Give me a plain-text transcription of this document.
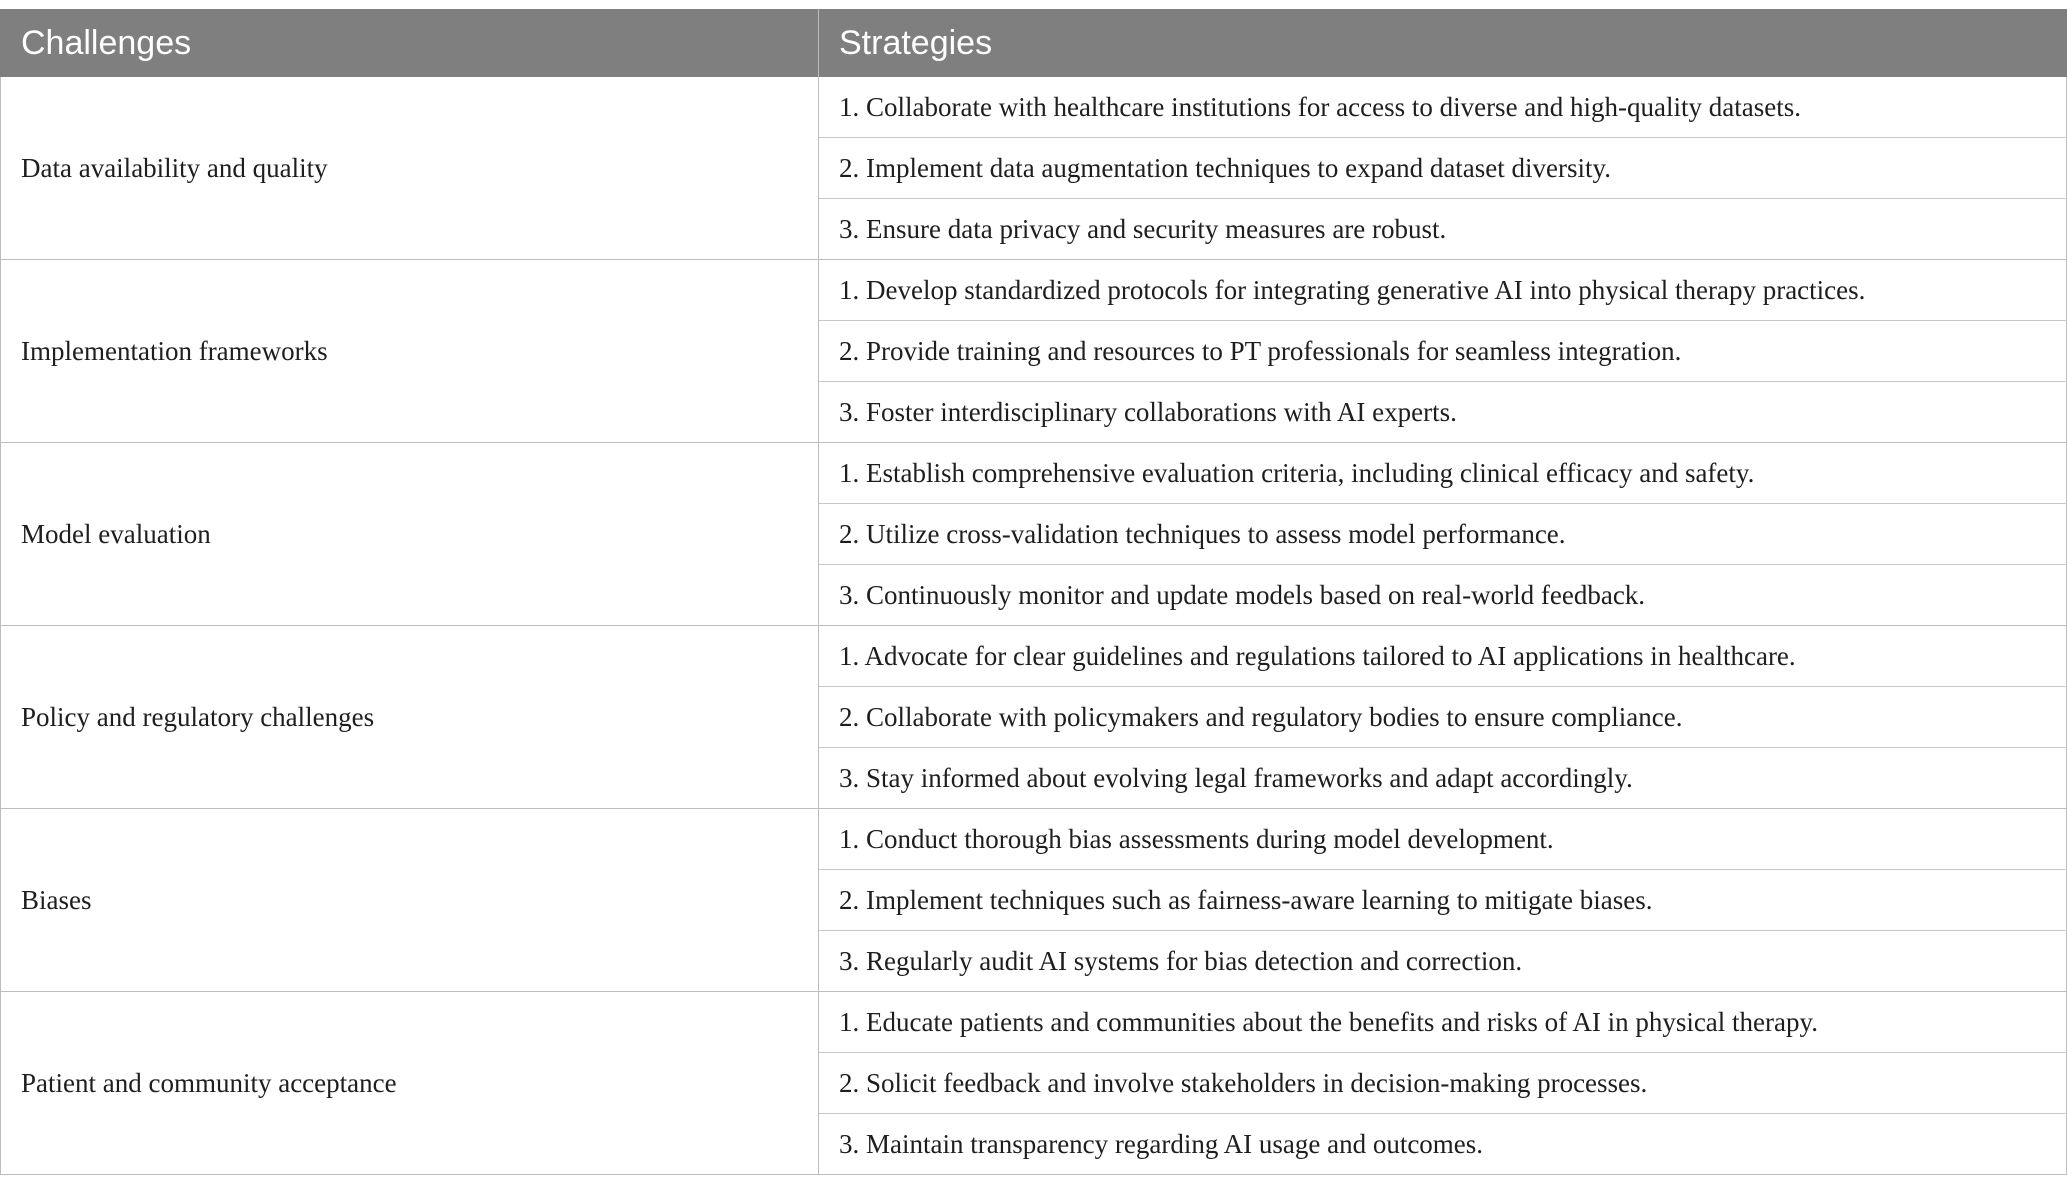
Challenges	Strategies
Data availability and quality	1. Collaborate with healthcare institutions for access to diverse and high-quality datasets.
	2. Implement data augmentation techniques to expand dataset diversity.
	3. Ensure data privacy and security measures are robust.
Implementation frameworks	1. Develop standardized protocols for integrating generative AI into physical therapy practices.
	2. Provide training and resources to PT professionals for seamless integration.
	3. Foster interdisciplinary collaborations with AI experts.
Model evaluation	1. Establish comprehensive evaluation criteria, including clinical efficacy and safety.
	2. Utilize cross-validation techniques to assess model performance.
	3. Continuously monitor and update models based on real-world feedback.
Policy and regulatory challenges	1. Advocate for clear guidelines and regulations tailored to AI applications in healthcare.
	2. Collaborate with policymakers and regulatory bodies to ensure compliance.
	3. Stay informed about evolving legal frameworks and adapt accordingly.
Biases	1. Conduct thorough bias assessments during model development.
	2. Implement techniques such as fairness-aware learning to mitigate biases.
	3. Regularly audit AI systems for bias detection and correction.
Patient and community acceptance	1. Educate patients and communities about the benefits and risks of AI in physical therapy.
	2. Solicit feedback and involve stakeholders in decision-making processes.
	3. Maintain transparency regarding AI usage and outcomes.
